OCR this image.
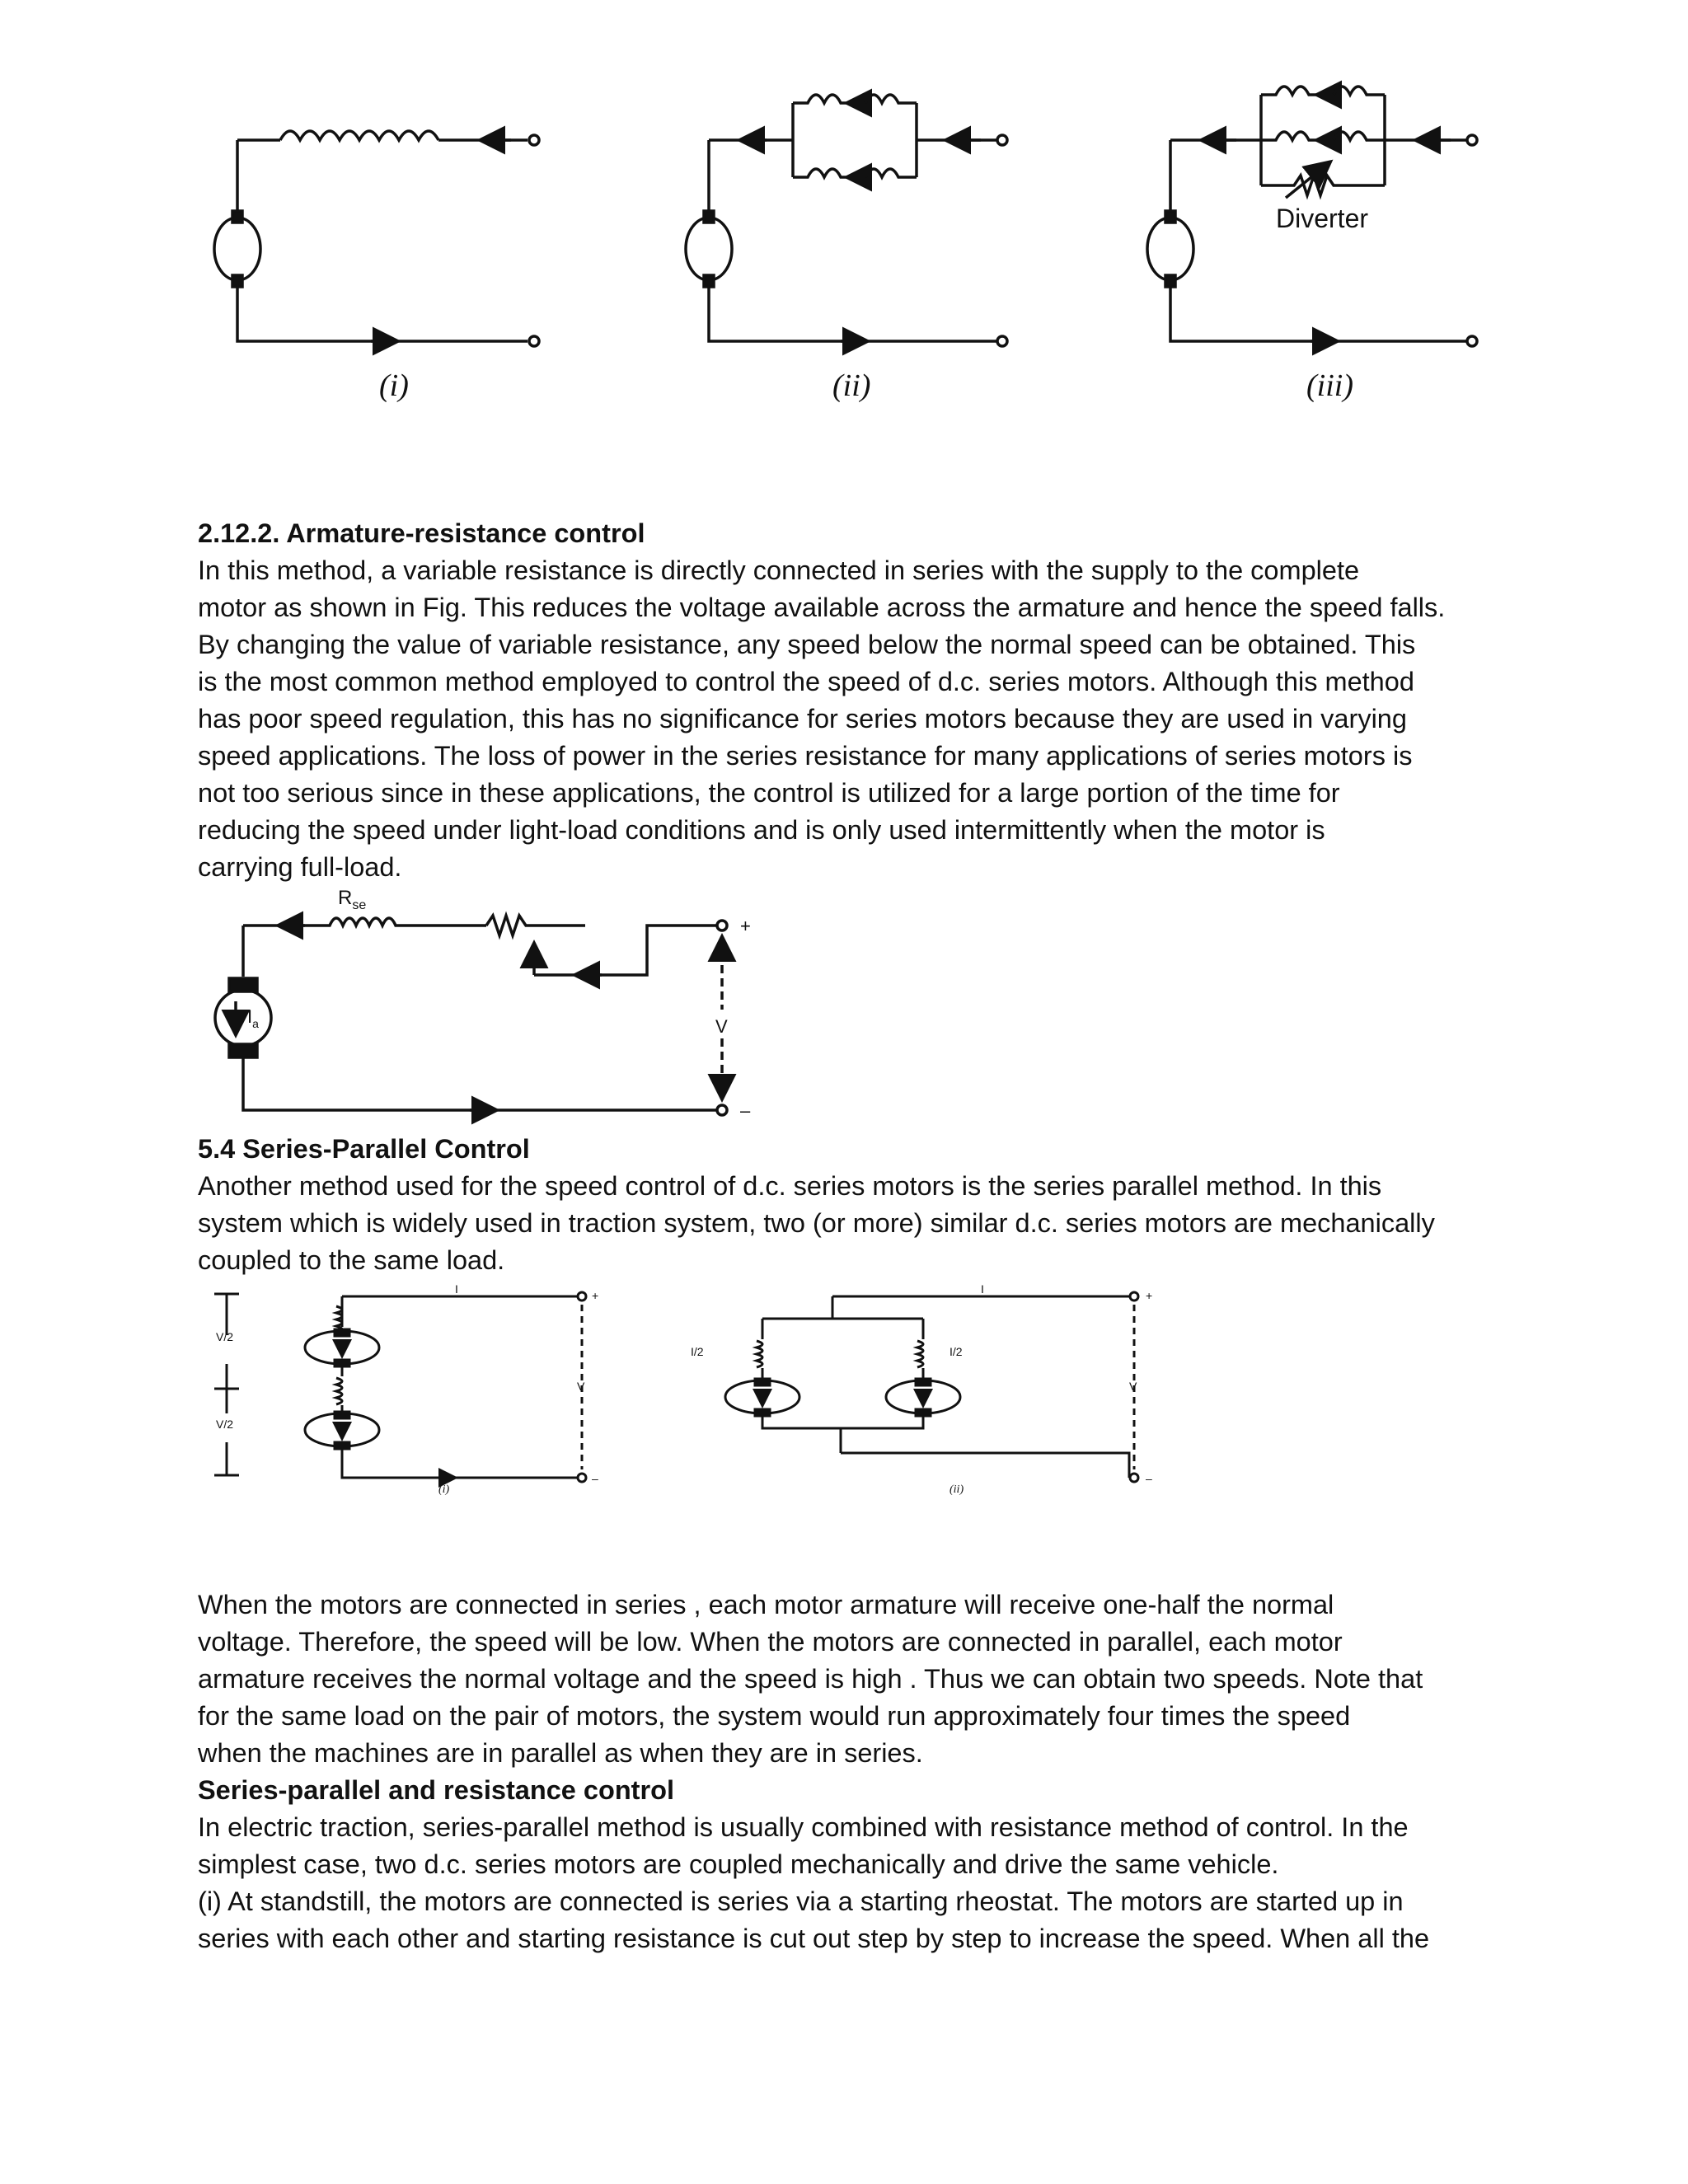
Diverter
(i)	(ii)	(iii)
2.12.2. Armature-resistance control
In this method, a variable resistance is directly connected in series with the supply to the complete
motor as shown in Fig. This reduces the voltage available across the armature and hence the speed falls.
By changing the value of variable resistance, any speed below the normal speed can be obtained. This
is the most common method employed to control the speed of d.c. series motors. Although this method
has poor speed regulation, this has no significance for series motors because they are used in varying
speed applications. The loss of power in the series resistance for many applications of series motors is
not too serious since in these applications, the control is utilized for a large portion of the time for
reducing the speed under light-load conditions and is only used intermittently when the motor is
carrying full-load.
$R_{se}$
$I_a$	V
+
–
5.4 Series-Parallel Control
Another method used for the speed control of d.c. series motors is the series parallel method. In this
system which is widely used in traction system, two (or more) similar d.c. series motors are mechanically
coupled to the same load.
V/2
V/2
I
V
+
–
(i)
I/2	I/2
I
V
+
–
(ii)
When the motors are connected in series , each motor armature will receive one-half the normal
voltage. Therefore, the speed will be low. When the motors are connected in parallel, each motor
armature receives the normal voltage and the speed is high . Thus we can obtain two speeds. Note that
for the same load on the pair of motors, the system would run approximately four times the speed
when the machines are in parallel as when they are in series.
Series-parallel and resistance control
In electric traction, series-parallel method is usually combined with resistance method of control. In the
simplest case, two d.c. series motors are coupled mechanically and drive the same vehicle.
(i) At standstill, the motors are connected is series via a starting rheostat. The motors are started up in
series with each other and starting resistance is cut out step by step to increase the speed. When all the
